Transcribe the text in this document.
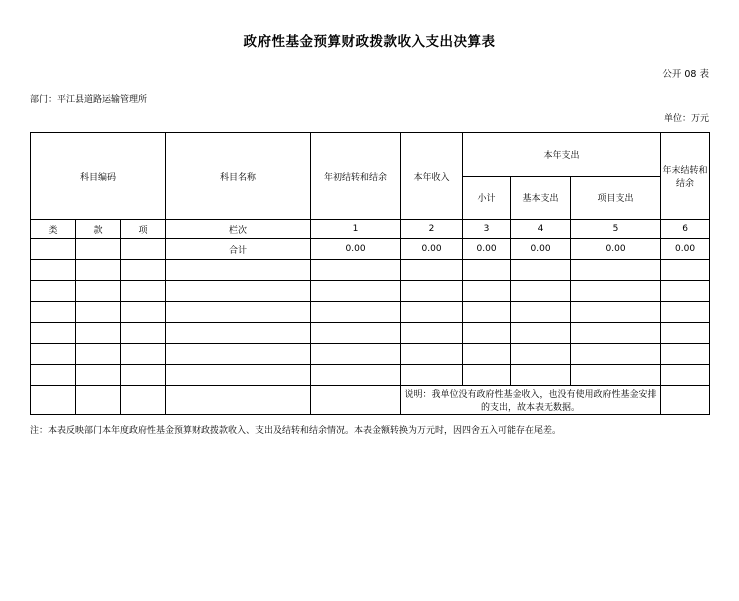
政府性基金预算财政拨款收入支出决算表
公开 08 表
部门：平江县道路运输管理所
单位：万元
科目编码			科目名称	年初结转和结余	本年收入	本年支出			年末结转和结余
						小计	基本支出	项目支出	
类	款	项	栏次	1	2	3	4	5	6
			合计	0.00	0.00	0.00	0.00	0.00	0.00

					说明：我单位没有政府性基金收入，也没有使用政府性基金安排的支出，故本表无数据。				
注：本表反映部门本年度政府性基金预算财政拨款收入、支出及结转和结余情况。本表金额转换为万元时，因四舍五入可能存在尾差。
